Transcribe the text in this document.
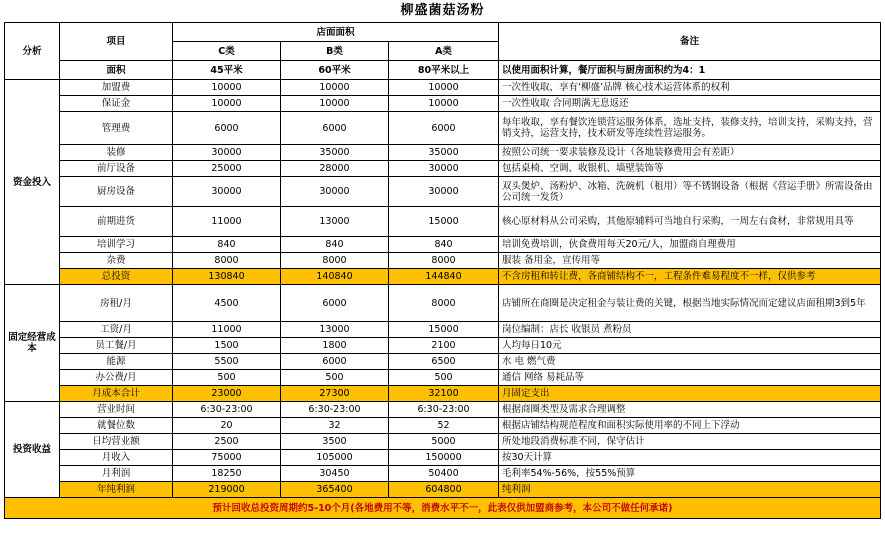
柳盛菌菇汤粉
分析	项目	店面面积			备注
		C类	B类	A类	
	面积	45平米	60平米	80平米以上	以使用面积计算，餐厅面积与厨房面积约为4：1
资金投入	加盟费	10000	10000	10000	一次性收取，享有‘柳盛’品牌 核心技术运营体系的权利
	保证金	10000	10000	10000	一次性收取 合同期满无息返还
	管理费	6000	6000	6000	每年收取，享有餐饮连锁营运服务体系，选址支持，装修支持，培训支持，采购支持，营销支持，运营支持，技术研发等连续性营运服务。
	装修	30000	35000	35000	按照公司统一要求装修及设计（各地装修费用会有差距）
	前厅设备	25000	28000	30000	包括桌椅、空调、收银机、墙壁装饰等
	厨房设备	30000	30000	30000	双头煲炉、汤粉炉、冰箱、洗碗机（租用）等不锈钢设备（根据《营运手册》所需设备由公司统一发货）
	前期进货	11000	13000	15000	核心原材料从公司采购，其他原辅料可当地自行采购，一周左右食材，非常规用具等
	培训学习	840	840	840	培训免费培训，伙食费用每天20元/人，加盟商自理费用
	杂费	8000	8000	8000	服装 备用金，宣传用等
	总投资	130840	140840	144840	不含房租和转让费，各商铺结构不一，工程条件难易程度不一样，仅供参考
固定经营成本	房租/月	4500	6000	8000	店铺所在商圈是决定租金与装让费的关键，根据当地实际情况而定建议店面租期3到5年
	工资/月	11000	13000	15000	岗位编制：店长 收银员 煮粉员
	员工餐/月	1500	1800	2100	人均每日10元
	能源	5500	6000	6500	水 电 燃气费
	办公费/月	500	500	500	通信 网络 易耗品等
	月成本合计	23000	27300	32100	月固定支出
投资收益	营业时间	6:30-23:00	6:30-23:00	6:30-23:00	根据商圈类型及需求合理调整
	就餐位数	20	32	52	根据店铺结构规范程度和面积实际使用率的不同上下浮动
	日均营业额	2500	3500	5000	所处地段消费标准不同，保守估计
	月收入	75000	105000	150000	按30天计算
	月利润	18250	30450	50400	毛利率54%-56%，按55%预算
	年纯利润	219000	365400	604800	纯利润
预计回收总投资周期约5-10个月(各地费用不等，消费水平不一，此表仅供加盟商参考，本公司不做任何承诺)					
